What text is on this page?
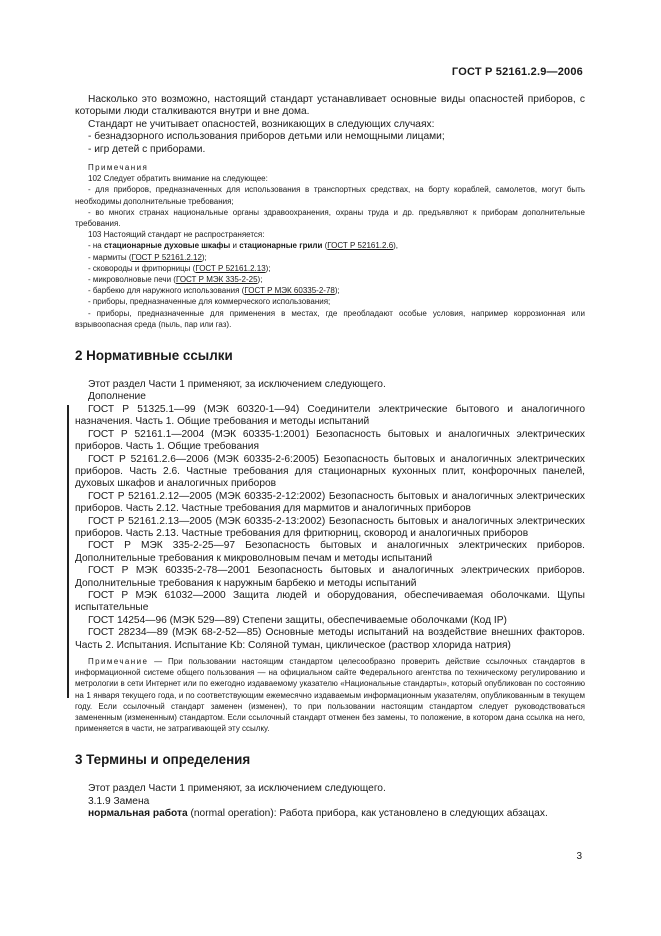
ГОСТ Р 52161.2.9—2006

Насколько это возможно, настоящий стандарт устанавливает основные виды опасностей приборов, с которыми люди сталкиваются внутри и вне дома.

Стандарт не учитывает опасностей, возникающих в следующих случаях:

- безнадзорного использования приборов детьми или немощными лицами;

- игр детей с приборами.

Примечания

102 Следует обратить внимание на следующее:

- для приборов, предназначенных для использования в транспортных средствах, на борту кораблей, самолетов, могут быть необходимы дополнительные требования;

- во многих странах национальные органы здравоохранения, охраны труда и др. предъявляют к приборам дополнительные требования.

103 Настоящий стандарт не распространяется:

- на стационарные духовые шкафы и стационарные грили (ГОСТ Р 52161.2.6),

- мармиты (ГОСТ Р 52161.2.12);

- сковороды и фритюрницы (ГОСТ Р 52161.2.13);

- микроволновые печи (ГОСТ Р МЭК 335-2-25);

- барбекю для наружного использования (ГОСТ Р МЭК 60335-2-78);

- приборы, предназначенные для коммерческого использования;

- приборы, предназначенные для применения в местах, где преобладают особые условия, например коррозионная или взрывоопасная среда (пыль, пар или газ).

2 Нормативные ссылки

Этот раздел Части 1 применяют, за исключением следующего.

Дополнение

ГОСТ Р 51325.1—99 (МЭК 60320-1—94) Соединители электрические бытового и аналогичного назначения. Часть 1. Общие требования и методы испытаний

ГОСТ Р 52161.1—2004 (МЭК 60335-1:2001) Безопасность бытовых и аналогичных электрических приборов. Часть 1. Общие требования

ГОСТ Р 52161.2.6—2006 (МЭК 60335-2-6:2005) Безопасность бытовых и аналогичных электрических приборов. Часть 2.6. Частные требования для стационарных кухонных плит, конфорочных панелей, духовых шкафов и аналогичных приборов

ГОСТ Р 52161.2.12—2005 (МЭК 60335-2-12:2002) Безопасность бытовых и аналогичных электрических приборов. Часть 2.12. Частные требования для мармитов и аналогичных приборов

ГОСТ Р 52161.2.13—2005 (МЭК 60335-2-13:2002) Безопасность бытовых и аналогичных электрических приборов. Часть 2.13. Частные требования для фритюрниц, сковород и аналогичных приборов

ГОСТ Р МЭК 335-2-25—97 Безопасность бытовых и аналогичных электрических приборов. Дополнительные требования к микроволновым печам и методы испытаний

ГОСТ Р МЭК 60335-2-78—2001 Безопасность бытовых и аналогичных электрических приборов. Дополнительные требования к наружным барбекю и методы испытаний

ГОСТ Р МЭК 61032—2000 Защита людей и оборудования, обеспечиваемая оболочками. Щупы испытательные

ГОСТ 14254—96 (МЭК 529—89) Степени защиты, обеспечиваемые оболочками (Код IP)

ГОСТ 28234—89 (МЭК 68-2-52—85) Основные методы испытаний на воздействие внешних факторов. Часть 2. Испытания. Испытание Kb: Соляной туман, циклическое (раствор хлорида натрия)

Примечание — При пользовании настоящим стандартом целесообразно проверить действие ссылочных стандартов в информационной системе общего пользования — на официальном сайте Федерального агентства по техническому регулированию и метрологии в сети Интернет или по ежегодно издаваемому указателю «Национальные стандарты», который опубликован по состоянию на 1 января текущего года, и по соответствующим ежемесячно издаваемым информационным указателям, опубликованным в текущем году. Если ссылочный стандарт заменен (изменен), то при пользовании настоящим стандартом следует руководствоваться замененным (измененным) стандартом. Если ссылочный стандарт отменен без замены, то положение, в котором дана ссылка на него, применяется в части, не затрагивающей эту ссылку.

3 Термины и определения

Этот раздел Части 1 применяют, за исключением следующего.

3.1.9 Замена

нормальная работа (normal operation): Работа прибора, как установлено в следующих абзацах.

3
